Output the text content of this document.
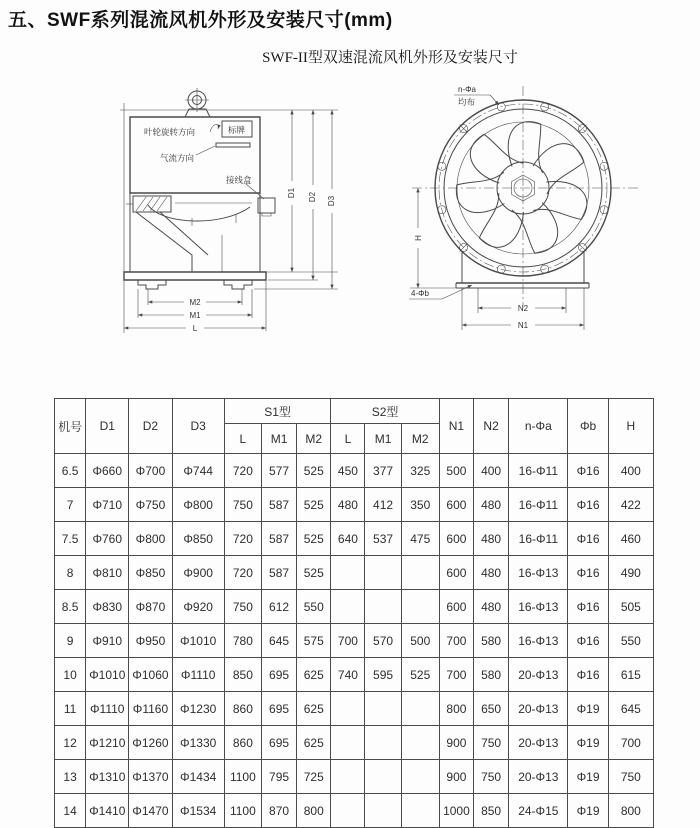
五、SWF系列混流风机外形及安装尺寸(mm)
SWF-II型双速混流风机外形及安装尺寸
叶轮旋转方向	标牌
气流方向
接线盒
D1 D2 D3
M2
M1
L
n-Φa
均布
4-Φb
H
N2
N1
机号	D1	D2	D3	S1型			S2型			N1	N2	n-Φa	Φb	H
				L	M1	M2	L	M1	M2					
6.5	Φ660	Φ700	Φ744	720	577	525	450	377	325	500	400	16-Φ11	Φ16	400
7	Φ710	Φ750	Φ800	750	587	525	480	412	350	600	480	16-Φ11	Φ16	422
7.5	Φ760	Φ800	Φ850	720	587	525	640	537	475	600	480	16-Φ11	Φ16	460
8	Φ810	Φ850	Φ900	720	587	525				600	480	16-Φ13	Φ16	490
8.5	Φ830	Φ870	Φ920	750	612	550				600	480	16-Φ13	Φ16	505
9	Φ910	Φ950	Φ1010	780	645	575	700	570	500	700	580	16-Φ13	Φ16	550
10	Φ1010	Φ1060	Φ1110	850	695	625	740	595	525	700	580	20-Φ13	Φ16	615
11	Φ1110	Φ1160	Φ1230	860	695	625				800	650	20-Φ13	Φ19	645
12	Φ1210	Φ1260	Φ1330	860	695	625				900	750	20-Φ13	Φ19	700
13	Φ1310	Φ1370	Φ1434	1100	795	725				900	750	20-Φ13	Φ19	750
14	Φ1410	Φ1470	Φ1534	1100	870	800				1000	850	24-Φ15	Φ19	800
